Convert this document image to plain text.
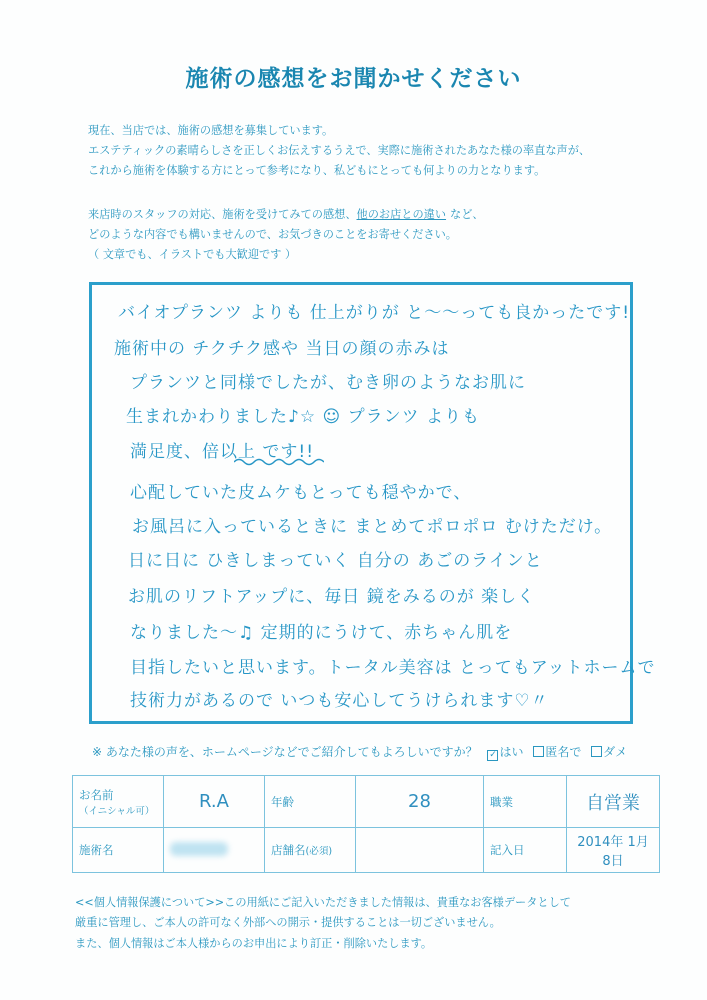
施術の感想をお聞かせください
現在、当店では、施術の感想を募集しています。
エステティックの素晴らしさを正しくお伝えするうえで、実際に施術されたあなた様の率直な声が、
これから施術を体験する方にとって参考になり、私どもにとっても何よりの力となります。
来店時のスタッフの対応、施術を受けてみての感想、他のお店との違い など、
どのような内容でも構いませんので、お気づきのことをお寄せください。
（ 文章でも、イラストでも大歓迎です ）
バイオプランツ よりも 仕上がりが と～～っても良かったです!
施術中の チクチク感や 当日の顔の赤みは
プランツと同様でしたが、むき卵のようなお肌に
生まれかわりました♪☆ ☺ プランツ よりも
満足度、倍以上 です!!
心配していた皮ムケもとっても穏やかで、
お風呂に入っているときに まとめてポロポロ むけただけ。
日に日に ひきしまっていく 自分の あごのラインと
お肌のリフトアップに、毎日 鏡をみるのが 楽しく
なりました～♫ 定期的にうけて、赤ちゃん肌を
目指したいと思います。トータル美容は とってもアットホームで
技術力があるので いつも安心してうけられます♡〃
※ あなた様の声を、ホームページなどでご紹介してもよろしいですか？ ✓ はい 匿名で ダメ
お名前
（イニシャル可）	R.A	年齢	28	職業	自営業
施術名		店舗名(必須)		記入日	2014年 1月 8日
<<個人情報保護について>>この用紙にご記入いただきました情報は、貴重なお客様データとして
厳重に管理し、ご本人の許可なく外部への開示・提供することは一切ございません。
また、個人情報はご本人様からのお申出により訂正・削除いたします。
